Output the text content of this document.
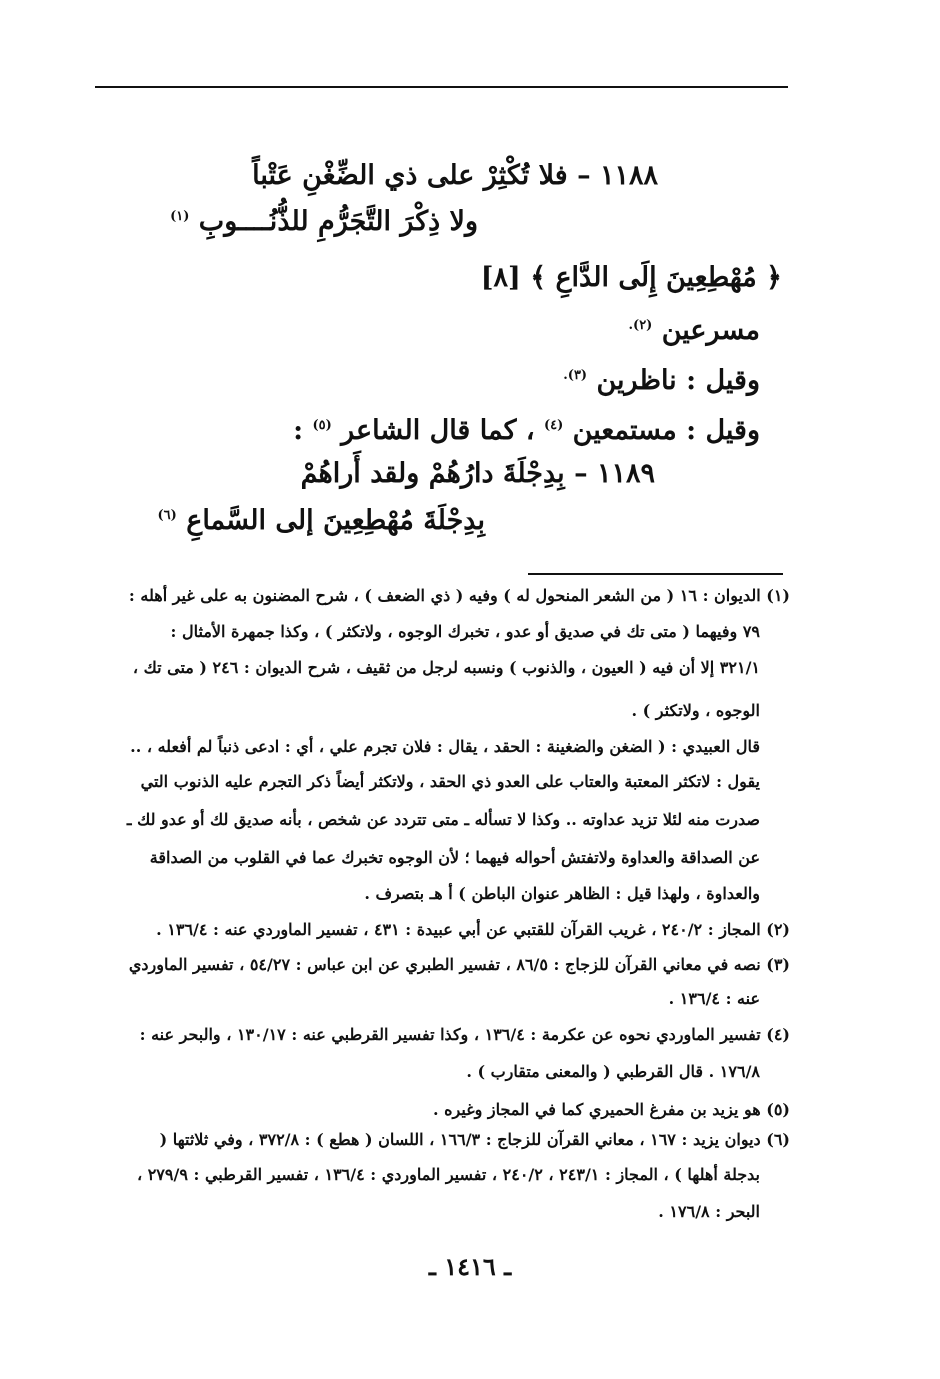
١١٨٨ – فلا تُكْثِرْ على ذي الضِّغْنِ عَتْباً
ولا ذِكْرَ التَّجَرُّمِ للذُّنُــــوبِ $^{(١)}$
﴿ مُهْطِعِينَ إِلَى الدَّاعِ ﴾ [٨]
مسرعين $^{(٢).}$
وقيل : ناظرين $^{(٣).}$
وقيل : مستمعين $^{(٤)}$ ، كما قال الشاعر $^{(٥)}$ :
١١٨٩ – بِدِجْلَةَ دارُهُمْ ولقد أَراهُمْ
بِدِجْلَةَ مُهْطِعِينَ إلى السَّماعِ $^{(٦)}$
(١) الديوان : ١٦ ( من الشعر المنحول له ) وفيه ( ذي الضعف ) ، شرح المضنون به على غير أهله :
٧٩ وفيهما ( متى تك في صديق أو عدو ، تخبرك الوجوه ، ولاتكثر ) ، وكذا جمهرة الأمثال :
٣٢١/١ إلا أن فيه ( العيون ، والذنوب ) ونسبه لرجل من ثقيف ، شرح الديوان : ٢٤٦ ( متى تك ،
الوجوه ، ولاتكثر ) .
قال العبيدي : ( الضغن والضغينة : الحقد ، يقال : فلان تجرم علي ، أي : ادعى ذنباً لم أفعله ، ..
يقول : لاتكثر المعتبة والعتاب على العدو ذي الحقد ، ولاتكثر أيضاً ذكر التجرم عليه الذنوب التي
صدرت منه لئلا تزيد عداوته .. وكذا لا تسأله ـ متى تتردد عن شخص ، بأنه صديق لك أو عدو لك ـ
عن الصداقة والعداوة ولاتفتش أحواله فيهما ؛ لأن الوجوه تخبرك عما في القلوب من الصداقة
والعداوة ، ولهذا قيل : الظاهر عنوان الباطن ) أ هـ بتصرف .
(٢) المجاز : ٢٤٠/٢ ، غريب القرآن للقتبي عن أبي عبيدة : ٤٣١ ، تفسير الماوردي عنه : ١٣٦/٤ .
(٣) نصه في معاني القرآن للزجاج : ٨٦/٥ ، تفسير الطبري عن ابن عباس : ٥٤/٢٧ ، تفسير الماوردي
عنه : ١٣٦/٤ .
(٤) تفسير الماوردي نحوه عن عكرمة : ١٣٦/٤ ، وكذا تفسير القرطبي عنه : ١٣٠/١٧ ، والبحر عنه :
١٧٦/٨ . قال القرطبي ( والمعنى متقارب ) .
(٥) هو يزيد بن مفرغ الحميري كما في المجاز وغيره .
(٦) ديوان يزيد : ١٦٧ ، معاني القرآن للزجاج : ١٦٦/٣ ، اللسان ( هطع ) : ٣٧٢/٨ ، وفي ثلاثتها (
بدجلة أهلها ) ، المجاز : ٢٤٣/١ ، ٢٤٠/٢ ، تفسير الماوردي : ١٣٦/٤ ، تفسير القرطبي : ٢٧٩/٩ ،
البحر : ١٧٦/٨ .
ـ ١٤١٦ ـ
